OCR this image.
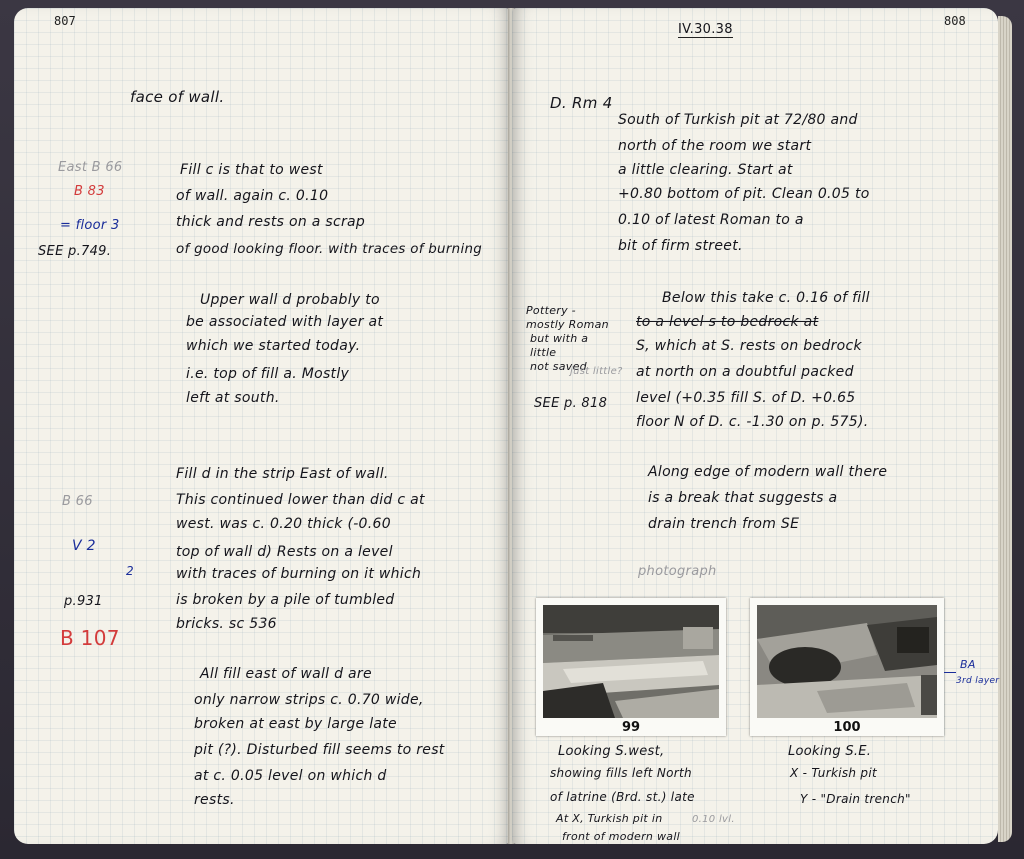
807
face of wall.
East B 66
B 83
= floor 3
SEE p.749.
Fill c is that to west
of wall. again c. 0.10
thick and rests on a scrap
of good looking floor. with traces of burning
Upper wall d probably to
be associated with layer at
which we started today.
i.e. top of fill a. Mostly
left at south.
Fill d in the strip East of wall.
This continued lower than did c at
west. was c. 0.20 thick (-0.60
top of wall d) Rests on a level
with traces of burning on it which
is broken by a pile of tumbled
bricks. sc 536
B 66
V 2
2
p.931
B 107
All fill east of wall d are
only narrow strips c. 0.70 wide,
broken at east by large late
pit (?). Disturbed fill seems to rest
at c. 0.05 level on which d
rests.
IV.30.38
808
D. Rm 4
South of Turkish pit at 72/80 and
north of the room we start
a little clearing. Start at
+0.80 bottom of pit. Clean 0.05 to
0.10 of latest Roman to a
bit of firm street.
Pottery -
mostly Roman
but with a
little
not saved
just little?
SEE p. 818
Below this take c. 0.16 of fill
to a level s to bedrock at
S, which at S. rests on bedrock
at north on a doubtful packed
level (+0.35 fill S. of D. +0.65
floor N of D. c. -1.30 on p. 575).
Along edge of modern wall there
is a break that suggests a
drain trench from SE
photograph
99	100
BA
3rd layer
Looking S.west,
showing fills left North
of latrine (Brd. st.) late
At X, Turkish pit in
front of modern wall
0.10 lvl.
Looking S.E.
X - Turkish pit
Y - "Drain trench"
